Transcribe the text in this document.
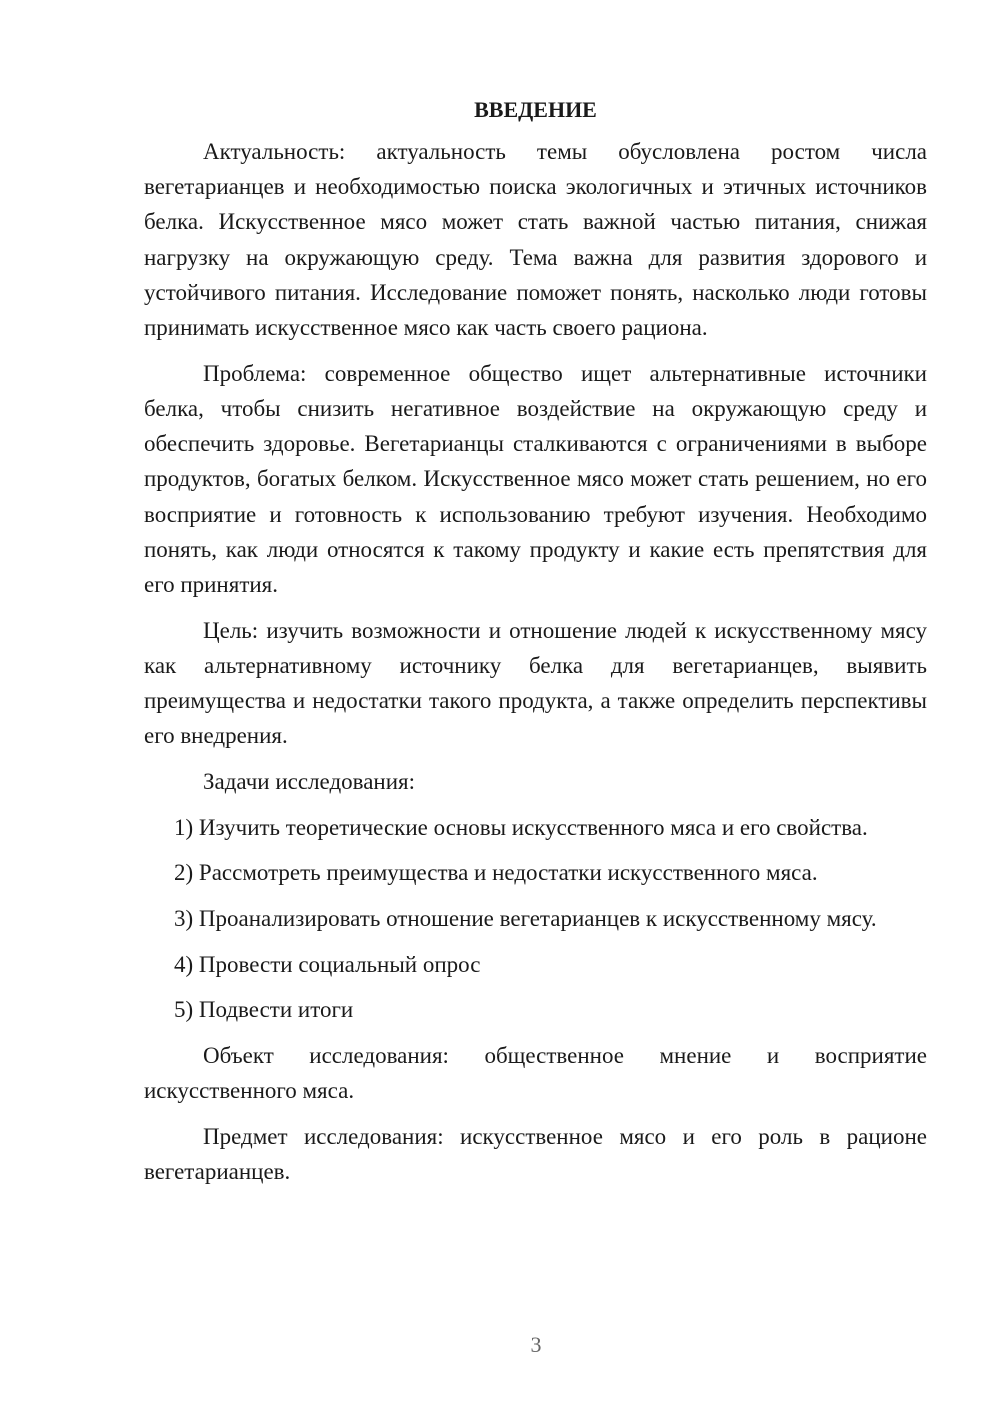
ВВЕДЕНИЕ

Актуальность: актуальность темы обусловлена ростом числа вегетарианцев и необходимостью поиска экологичных и этичных источников белка. Искусственное мясо может стать важной частью питания, снижая нагрузку на окружающую среду. Тема важна для развития здорового и устойчивого питания. Исследование поможет понять, насколько люди готовы принимать искусственное мясо как часть своего рациона.

Проблема: современное общество ищет альтернативные источники белка, чтобы снизить негативное воздействие на окружающую среду и обеспечить здоровье. Вегетарианцы сталкиваются с ограничениями в выборе продуктов, богатых белком. Искусственное мясо может стать решением, но его восприятие и готовность к использованию требуют изучения. Необходимо понять, как люди относятся к такому продукту и какие есть препятствия для его принятия.

Цель: изучить возможности и отношение людей к искусственному мясу как альтернативному источнику белка для вегетарианцев, выявить преимущества и недостатки такого продукта, а также определить перспективы его внедрения.

Задачи исследования:

1) Изучить теоретические основы искусственного мяса и его свойства.

2) Рассмотреть преимущества и недостатки искусственного мяса.

3) Проанализировать отношение вегетарианцев к искусственному мясу.

4) Провести социальный опрос

5) Подвести итоги

Объект исследования: общественное мнение и восприятие искусственного мяса.

Предмет исследования: искусственное мясо и его роль в рационе вегетарианцев.

3
